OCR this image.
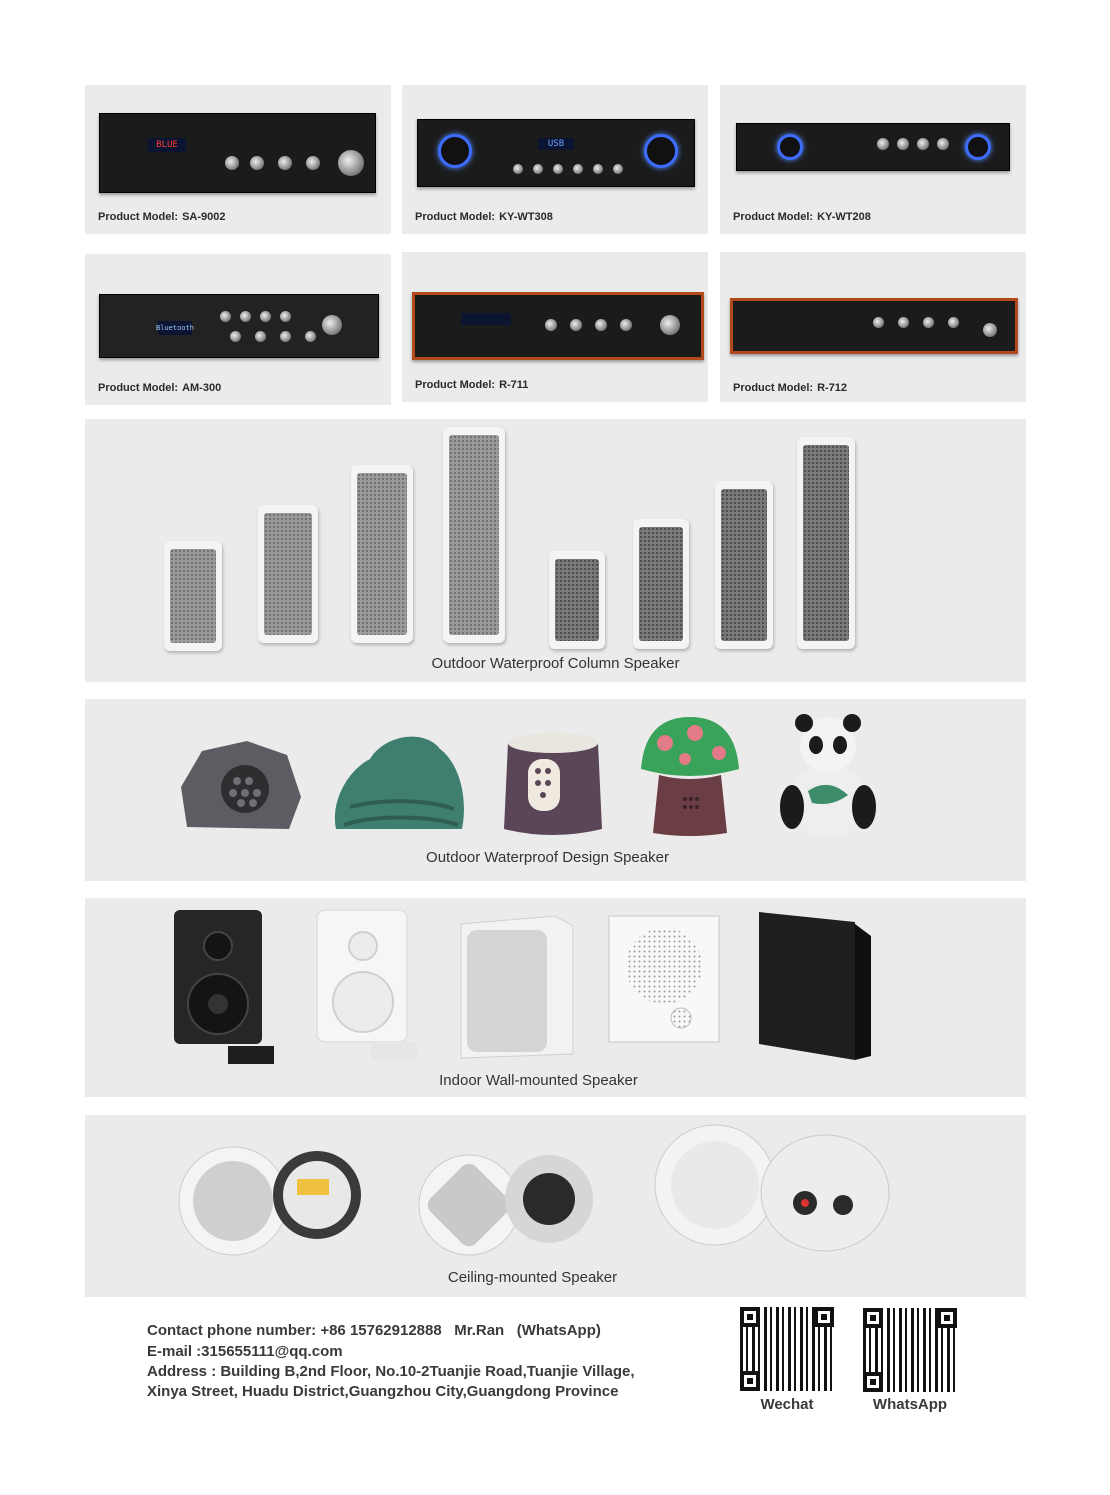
BLUE
Product Model: SA-9002
USB
Product Model: KY-WT308	Product Model: KY-WT208
Bluetooth
Product Model: AM-300	Product Model: R-711	Product Model: R-712
Outdoor Waterproof Column Speaker
Outdoor Waterproof Design Speaker
Indoor Wall-mounted Speaker
Ceiling-mounted Speaker
Contact phone number: +86 15762912888   Mr.Ran   (WhatsApp)
E-mail :315655111@qq.com
Address : Building B,2nd Floor, No.10-2Tuanjie Road,Tuanjie Village,
Xinya Street, Huadu District,Guangzhou City,Guangdong Province
Wechat	WhatsApp
